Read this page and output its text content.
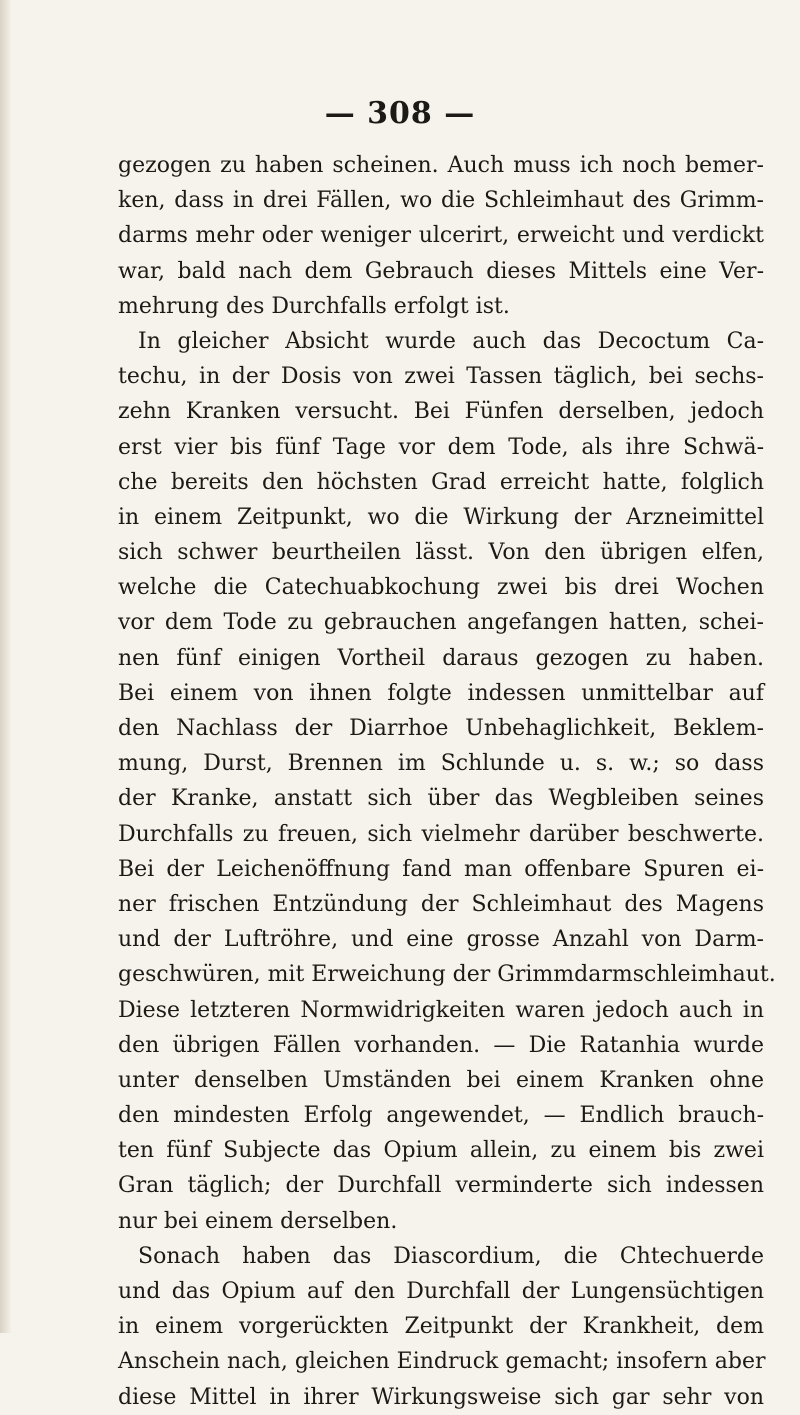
— 308 —
gezogen zu haben scheinen. Auch muss ich noch bemer-
ken, dass in drei Fällen, wo die Schleimhaut des Grimm-
darms mehr oder weniger ulcerirt, erweicht und verdickt
war, bald nach dem Gebrauch dieses Mittels eine Ver-
mehrung des Durchfalls erfolgt ist.
In gleicher Absicht wurde auch das Decoctum Ca-
techu, in der Dosis von zwei Tassen täglich, bei sechs-
zehn Kranken versucht. Bei Fünfen derselben, jedoch
erst vier bis fünf Tage vor dem Tode, als ihre Schwä-
che bereits den höchsten Grad erreicht hatte, folglich
in einem Zeitpunkt, wo die Wirkung der Arzneimittel
sich schwer beurtheilen lässt. Von den übrigen elfen,
welche die Catechuabkochung zwei bis drei Wochen
vor dem Tode zu gebrauchen angefangen hatten, schei-
nen fünf einigen Vortheil daraus gezogen zu haben.
Bei einem von ihnen folgte indessen unmittelbar auf
den Nachlass der Diarrhoe Unbehaglichkeit, Beklem-
mung, Durst, Brennen im Schlunde u. s. w.; so dass
der Kranke, anstatt sich über das Wegbleiben seines
Durchfalls zu freuen, sich vielmehr darüber beschwerte.
Bei der Leichenöffnung fand man offenbare Spuren ei-
ner frischen Entzündung der Schleimhaut des Magens
und der Luftröhre, und eine grosse Anzahl von Darm-
geschwüren, mit Erweichung der Grimmdarmschleimhaut.
Diese letzteren Normwidrigkeiten waren jedoch auch in
den übrigen Fällen vorhanden. — Die Ratanhia wurde
unter denselben Umständen bei einem Kranken ohne
den mindesten Erfolg angewendet, — Endlich brauch-
ten fünf Subjecte das Opium allein, zu einem bis zwei
Gran täglich; der Durchfall verminderte sich indessen
nur bei einem derselben.
Sonach haben das Diascordium, die Chtechuerde
und das Opium auf den Durchfall der Lungensüchtigen
in einem vorgerückten Zeitpunkt der Krankheit, dem
Anschein nach, gleichen Eindruck gemacht; insofern aber
diese Mittel in ihrer Wirkungsweise sich gar sehr von
